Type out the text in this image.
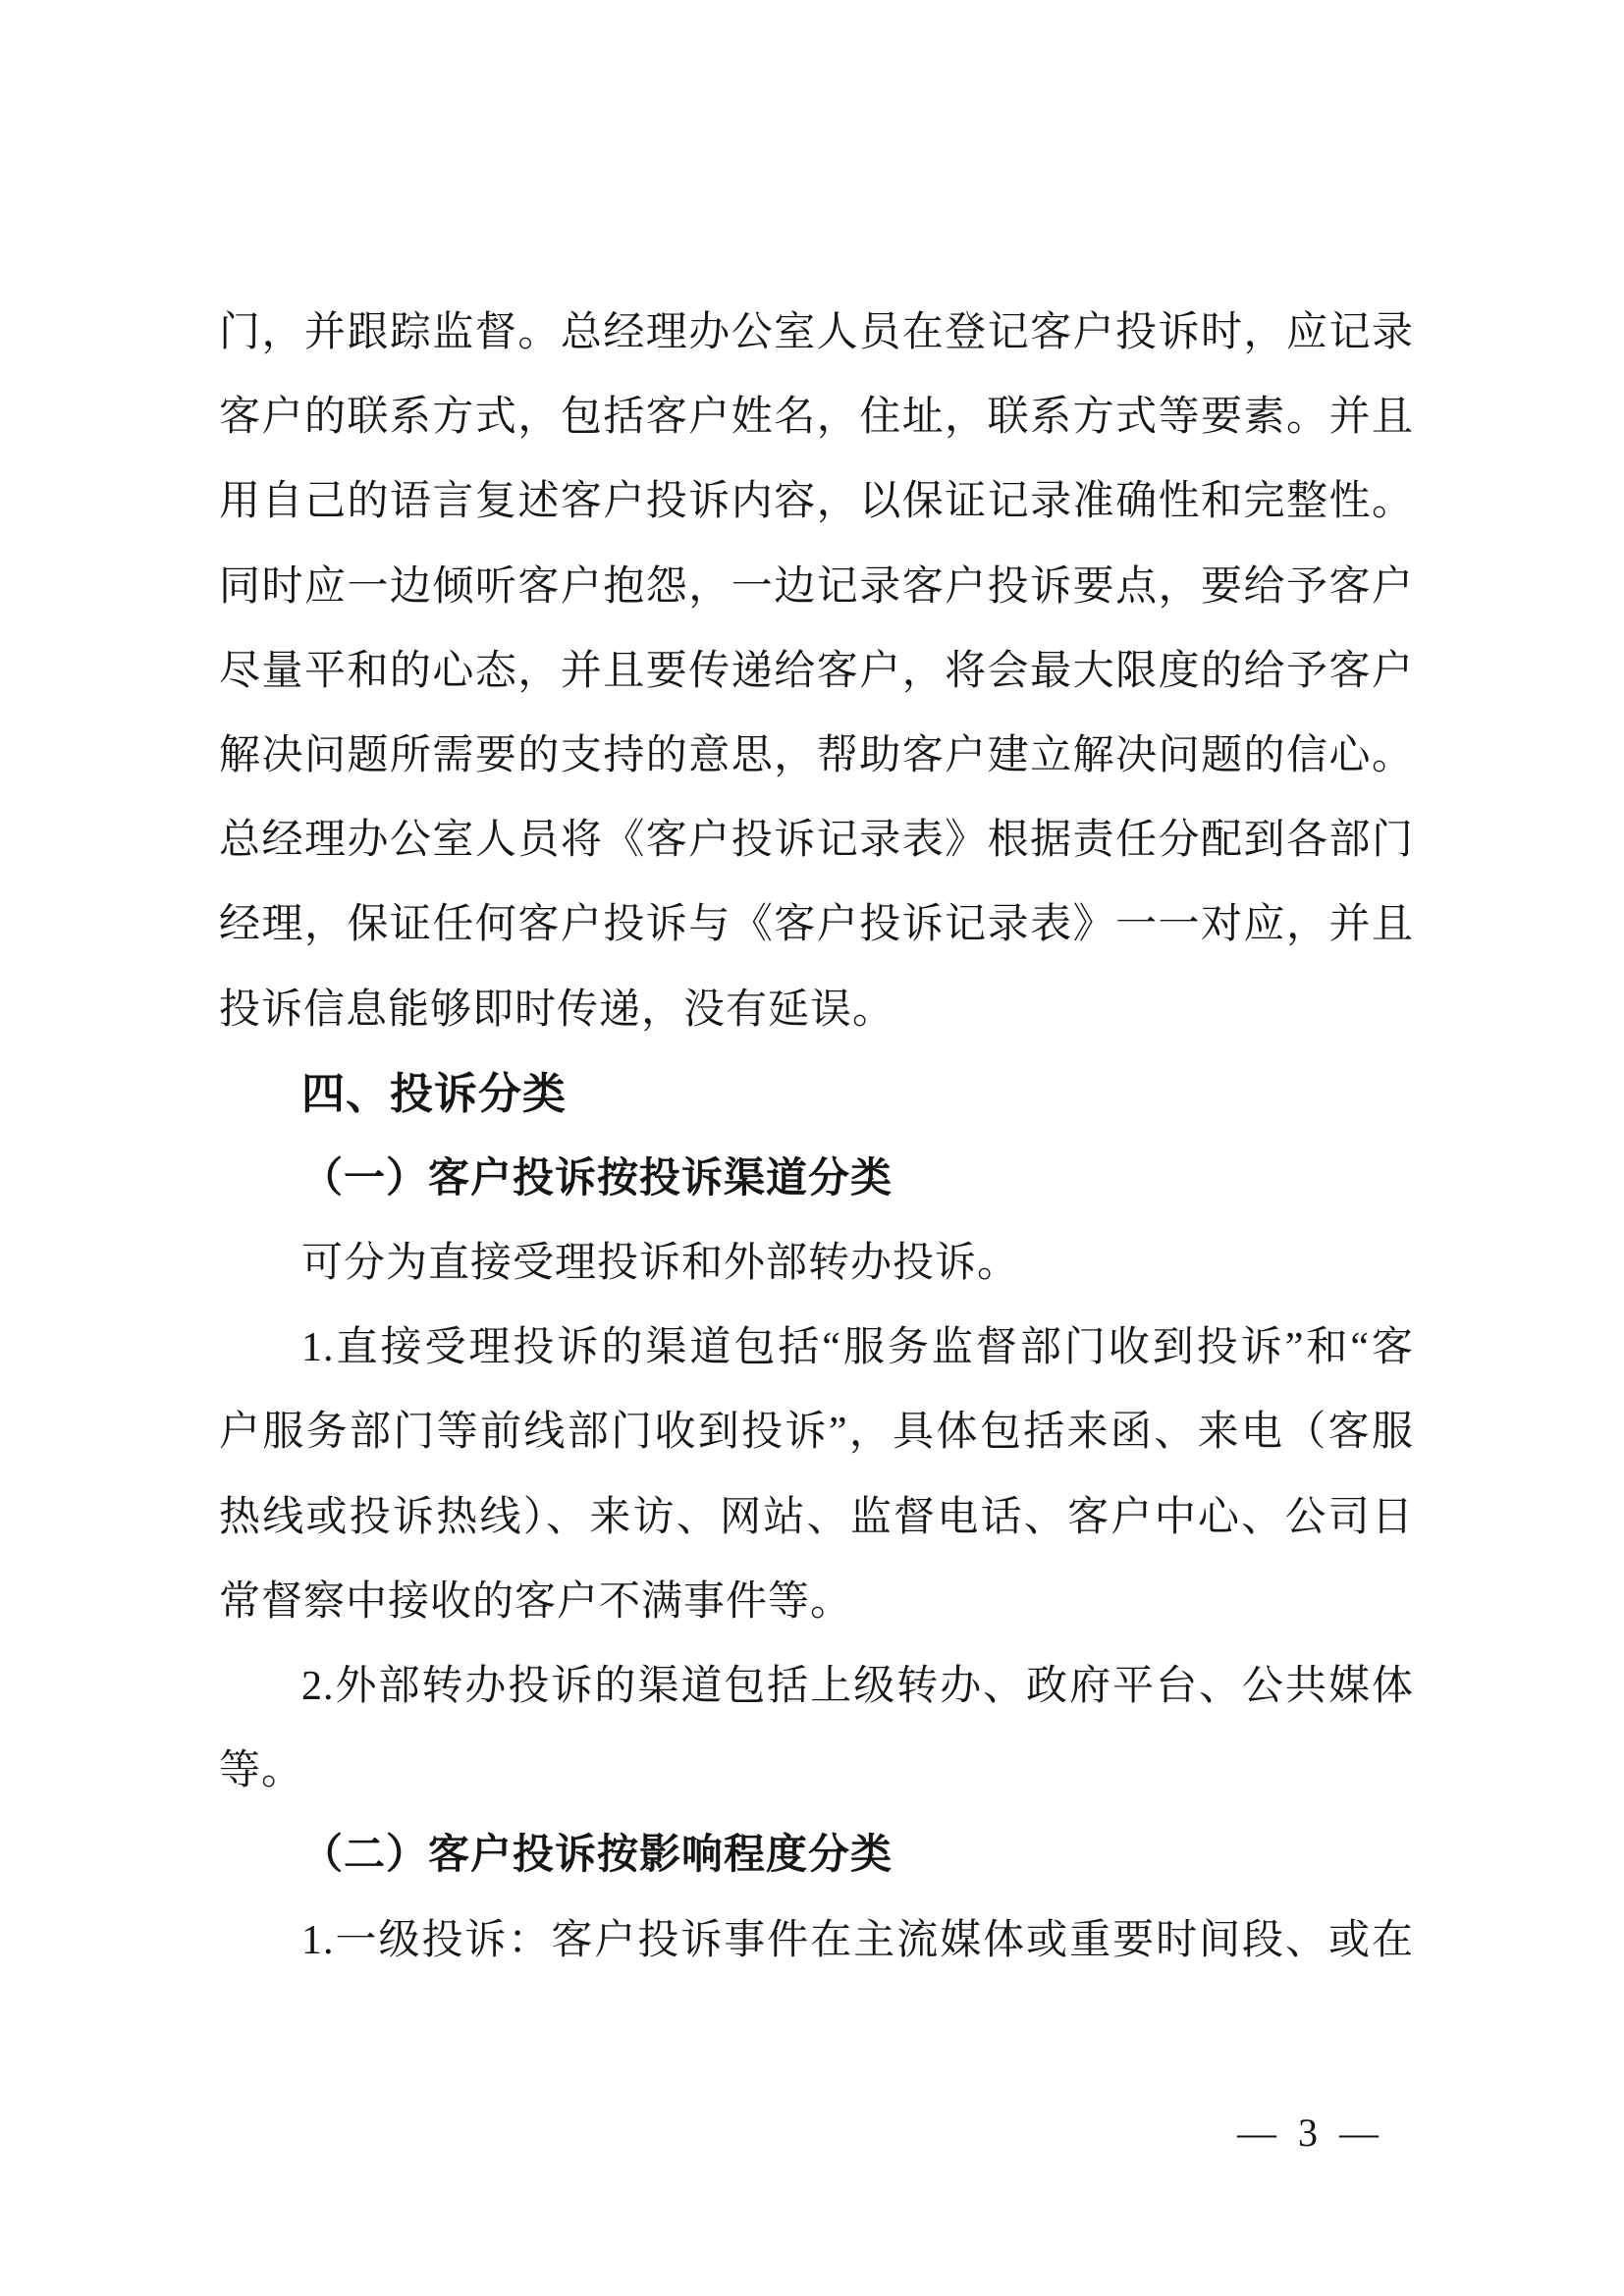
门，并跟踪监督。总经理办公室人员在登记客户投诉时，应记录
客户的联系方式，包括客户姓名，住址，联系方式等要素。并且
用自己的语言复述客户投诉内容，以保证记录准确性和完整性。
同时应一边倾听客户抱怨，一边记录客户投诉要点，要给予客户
尽量平和的心态，并且要传递给客户，将会最大限度的给予客户
解决问题所需要的支持的意思，帮助客户建立解决问题的信心。
总经理办公室人员将《客户投诉记录表》根据责任分配到各部门
经理，保证任何客户投诉与《客户投诉记录表》一一对应，并且
投诉信息能够即时传递，没有延误。
四、投诉分类
（一）客户投诉按投诉渠道分类
可分为直接受理投诉和外部转办投诉。
1.直接受理投诉的渠道包括“服务监督部门收到投诉”和“客
户服务部门等前线部门收到投诉”，具体包括来函、来电（客服
热线或投诉热线）、来访、网站、监督电话、客户中心、公司日
常督察中接收的客户不满事件等。
2.外部转办投诉的渠道包括上级转办、政府平台、公共媒体
等。
（二）客户投诉按影响程度分类
1.一级投诉：客户投诉事件在主流媒体或重要时间段、或在
— 3 —
